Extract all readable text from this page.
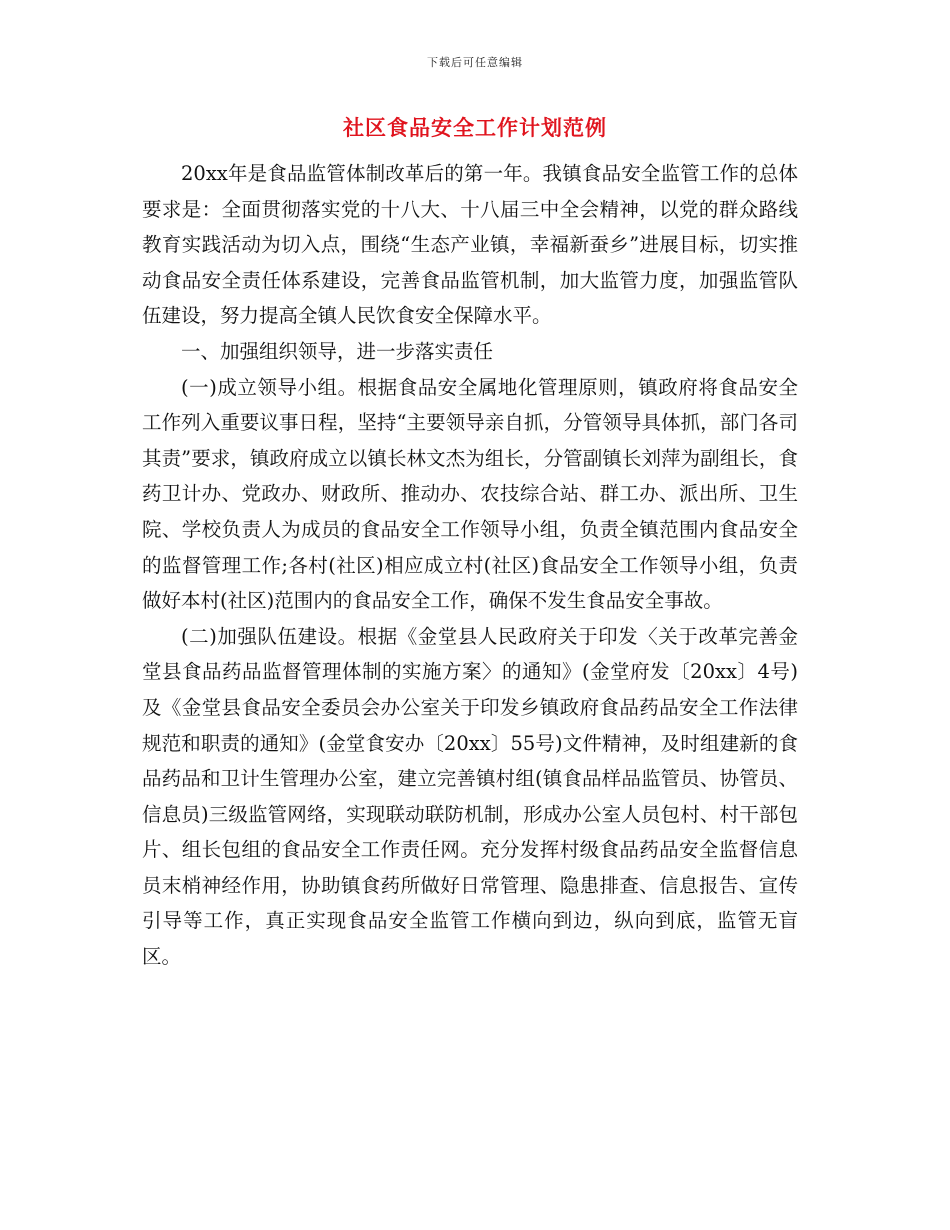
下载后可任意编辑
社区食品安全工作计划范例

20xx年是食品监管体制改革后的第一年。我镇食品安全监管工作的总体要求是：全面贯彻落实党的十八大、十八届三中全会精神，以党的群众路线教育实践活动为切入点，围绕“生态产业镇，幸福新蚕乡”进展目标，切实推动食品安全责任体系建设，完善食品监管机制，加大监管力度，加强监管队伍建设，努力提高全镇人民饮食安全保障水平。

一、加强组织领导，进一步落实责任

(一)成立领导小组。根据食品安全属地化管理原则，镇政府将食品安全工作列入重要议事日程，坚持“主要领导亲自抓，分管领导具体抓，部门各司其责”要求，镇政府成立以镇长林文杰为组长，分管副镇长刘萍为副组长，食药卫计办、党政办、财政所、推动办、农技综合站、群工办、派出所、卫生院、学校负责人为成员的食品安全工作领导小组，负责全镇范围内食品安全的监督管理工作;各村(社区)相应成立村(社区)食品安全工作领导小组，负责做好本村(社区)范围内的食品安全工作，确保不发生食品安全事故。

(二)加强队伍建设。根据《金堂县人民政府关于印发〈关于改革完善金堂县食品药品监督管理体制的实施方案〉的通知》(金堂府发〔20xx〕4号)及《金堂县食品安全委员会办公室关于印发乡镇政府食品药品安全工作法律规范和职责的通知》(金堂食安办〔20xx〕55号)文件精神，及时组建新的食品药品和卫计生管理办公室，建立完善镇村组(镇食品样品监管员、协管员、信息员)三级监管网络，实现联动联防机制，形成办公室人员包村、村干部包片、组长包组的食品安全工作责任网。充分发挥村级食品药品安全监督信息员末梢神经作用，协助镇食药所做好日常管理、隐患排查、信息报告、宣传引导等工作，真正实现食品安全监管工作横向到边，纵向到底，监管无盲区。
